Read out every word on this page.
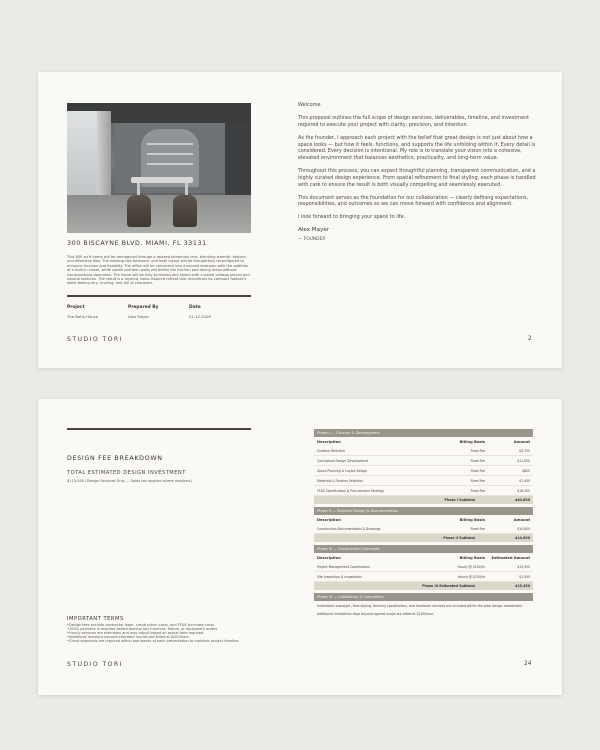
300 BISCAYNE BLVD. MIAMI, FL 33131
This 800 sq ft home will be reimagined through a relaxed bohemian lens, blending warmth, texture, and effortless flow. The existing two bedroom, one bath layout will be thoughtfully reconfigured to enhance function and livability. The office will be converted into a second bedroom with the addition of a built-in closet, while subtle partition walls will define the kitchen and dining areas without compromising openness. The home will be fully furnished and styled with curated vintage pieces and natural textures. The result is a layered, boho-inspired retreat that maximizes its compact footprint while feeling airy, inviting, and full of character.
Project
The Boho House
Prepared By
Alex Mayer
Date
01.12.2026
STUDIO TORI	2

Welcome.

This proposal outlines the full scope of design services, deliverables, timeline, and investment required to execute your project with clarity, precision, and intention.

As the founder, I approach each project with the belief that great design is not just about how a space looks — but how it feels, functions, and supports the life unfolding within it. Every detail is considered. Every decision is intentional. My role is to translate your vision into a cohesive, elevated environment that balances aesthetics, practicality, and long-term value.

Throughout this process, you can expect thoughtful planning, transparent communication, and a highly curated design experience. From spatial refinement to final styling, each phase is handled with care to ensure the result is both visually compelling and seamlessly executed.

This document serves as the foundation for our collaboration — clearly defining expectations, responsibilities, and outcomes so we can move forward with confidence and alignment.

I look forward to bringing your space to life.

Alex Mayer
— FOUNDER
DESIGN FEE BREAKDOWN
TOTAL ESTIMATED DESIGN INVESTMENT
$115,000 (Design Services Only — Sales tax applied where required.)
IMPORTANT TERMS
• Design fees exclude contractor labor, construction costs, and FF&E purchase costs.
• 100% payment is required before placing any furniture, fixture, or equipment orders.
• Hourly services are estimates and may adjust based on actual time required.
• Additional revisions beyond allocated rounds are billed at $200/hour.
• Client approvals are required within two weeks of each presentation to maintain project timeline.
STUDIO TORI	24
Phase I — Concept & Development
Description	Billing Basis	Amount
Creative Direction	Fixed Fee	$3,700
Conceptual Design Development	Fixed Fee	$11,000
Space Planning & Layout Design	Fixed Fee	$800
Materials & Finishes Selection	Fixed Fee	$7,400
FF&E Specification & Procurement Strategy	Fixed Fee	$18,500
Phase I Subtotal	$40,800
Phase II — Detailed Design & Documentation
Description	Billing Basis	Amount
Construction Documentation & Drawings	Fixed Fee	$14,800
Phase II Subtotal	$14,800
Phase III — Construction Oversight
Description	Billing Basis	Estimated Amount
Project Management Coordination	Hourly @ $200/hr	$13,950
Site Inspection & Inspections	Hourly @ $200/hr	$1,500
Phase III Estimated Subtotal	$15,450
Phase IV — Installation & Completion
Installation oversight, final styling, delivery coordination, and handover services are included within the total design investment.
Additional installation days beyond agreed scope are billed at $200/hour.
